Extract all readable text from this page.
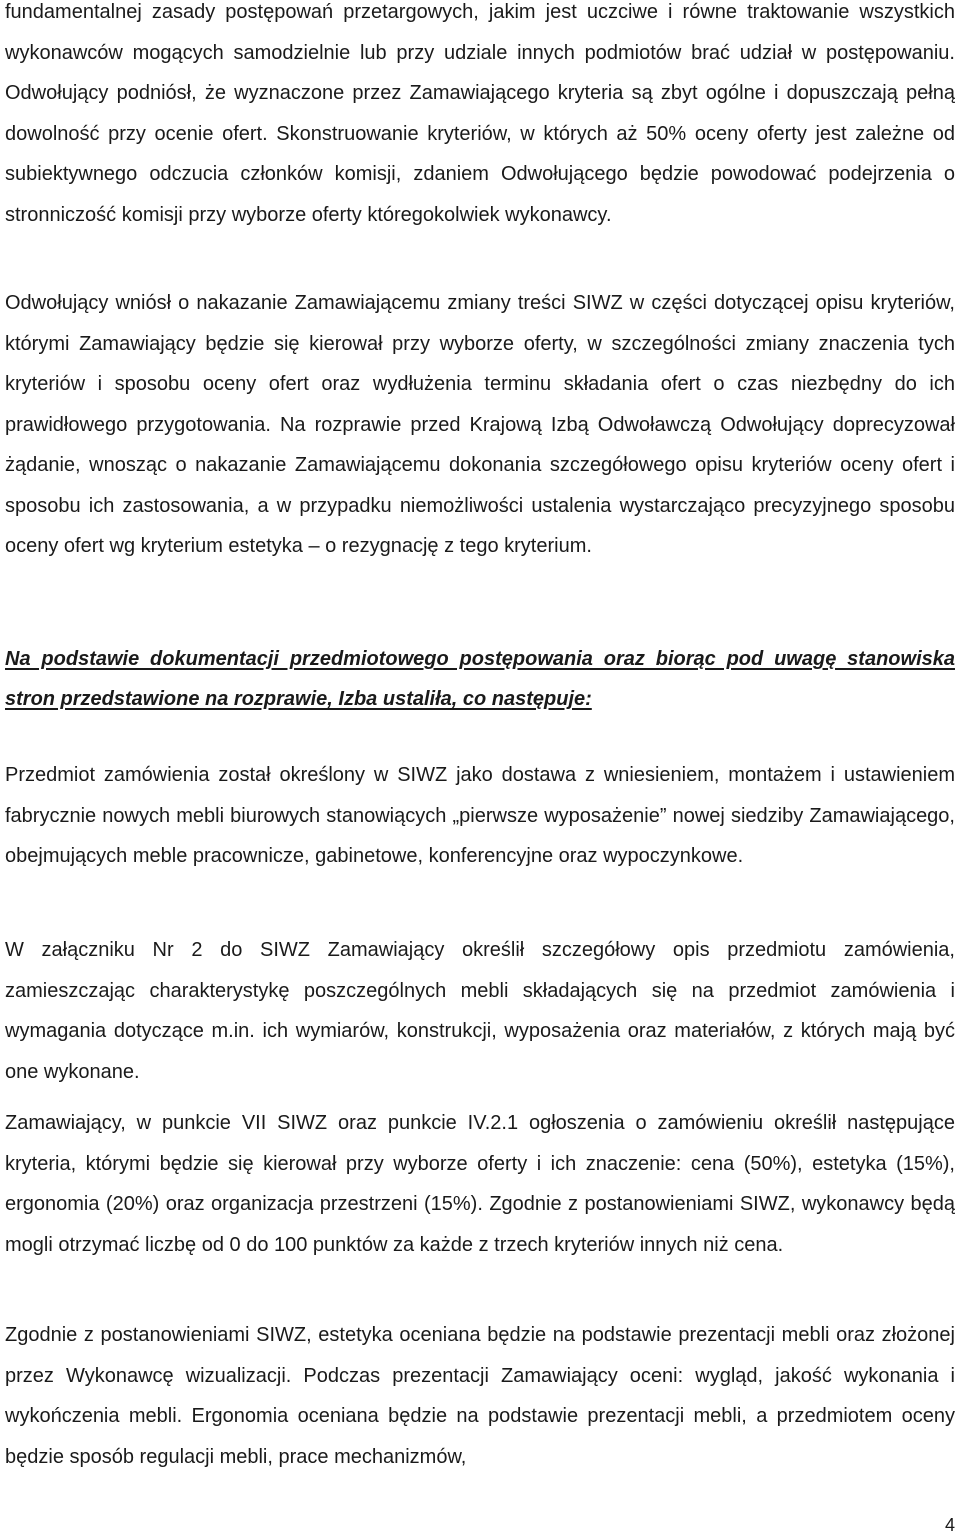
fundamentalnej zasady postępowań przetargowych, jakim jest uczciwe i równe traktowanie wszystkich wykonawców mogących samodzielnie lub przy udziale innych podmiotów brać udział w postępowaniu. Odwołujący podniósł, że wyznaczone przez Zamawiającego kryteria są zbyt ogólne i dopuszczają pełną dowolność przy ocenie ofert. Skonstruowanie kryteriów, w których aż 50% oceny oferty jest zależne od subiektywnego odczucia członków komisji, zdaniem Odwołującego będzie powodować podejrzenia o stronniczość komisji przy wyborze oferty któregokolwiek wykonawcy.

Odwołujący wniósł o nakazanie Zamawiającemu zmiany treści SIWZ w części dotyczącej opisu kryteriów, którymi Zamawiający będzie się kierował przy wyborze oferty, w szczególności zmiany znaczenia tych kryteriów i sposobu oceny ofert oraz wydłużenia terminu składania ofert o czas niezbędny do ich prawidłowego przygotowania. Na rozprawie przed Krajową Izbą Odwoławczą Odwołujący doprecyzował żądanie, wnosząc o nakazanie Zamawiającemu dokonania szczegółowego opisu kryteriów oceny ofert i sposobu ich zastosowania, a w przypadku niemożliwości ustalenia wystarczająco precyzyjnego sposobu oceny ofert wg kryterium estetyka – o rezygnację z tego kryterium.

Na podstawie dokumentacji przedmiotowego postępowania oraz biorąc pod uwagę stanowiska stron przedstawione na rozprawie, Izba ustaliła, co następuje:

Przedmiot zamówienia został określony w SIWZ jako dostawa z wniesieniem, montażem i ustawieniem fabrycznie nowych mebli biurowych stanowiących „pierwsze wyposażenie” nowej siedziby Zamawiającego, obejmujących meble pracownicze, gabinetowe, konferencyjne oraz wypoczynkowe.

W załączniku Nr 2 do SIWZ Zamawiający określił szczegółowy opis przedmiotu zamówienia, zamieszczając charakterystykę poszczególnych mebli składających się na przedmiot zamówienia i wymagania dotyczące m.in. ich wymiarów, konstrukcji, wyposażenia oraz materiałów, z których mają być one wykonane.

Zamawiający, w punkcie VII SIWZ oraz punkcie IV.2.1 ogłoszenia o zamówieniu określił następujące kryteria, którymi będzie się kierował przy wyborze oferty i ich znaczenie: cena (50%), estetyka (15%), ergonomia (20%) oraz organizacja przestrzeni (15%). Zgodnie z postanowieniami SIWZ, wykonawcy będą mogli otrzymać liczbę od 0 do 100 punktów za każde z trzech kryteriów innych niż cena.

Zgodnie z postanowieniami SIWZ, estetyka oceniana będzie na podstawie prezentacji mebli oraz złożonej przez Wykonawcę wizualizacji. Podczas prezentacji Zamawiający oceni: wygląd, jakość wykonania i wykończenia mebli. Ergonomia oceniana będzie na podstawie prezentacji mebli, a przedmiotem oceny będzie sposób regulacji mebli, prace mechanizmów,

4
